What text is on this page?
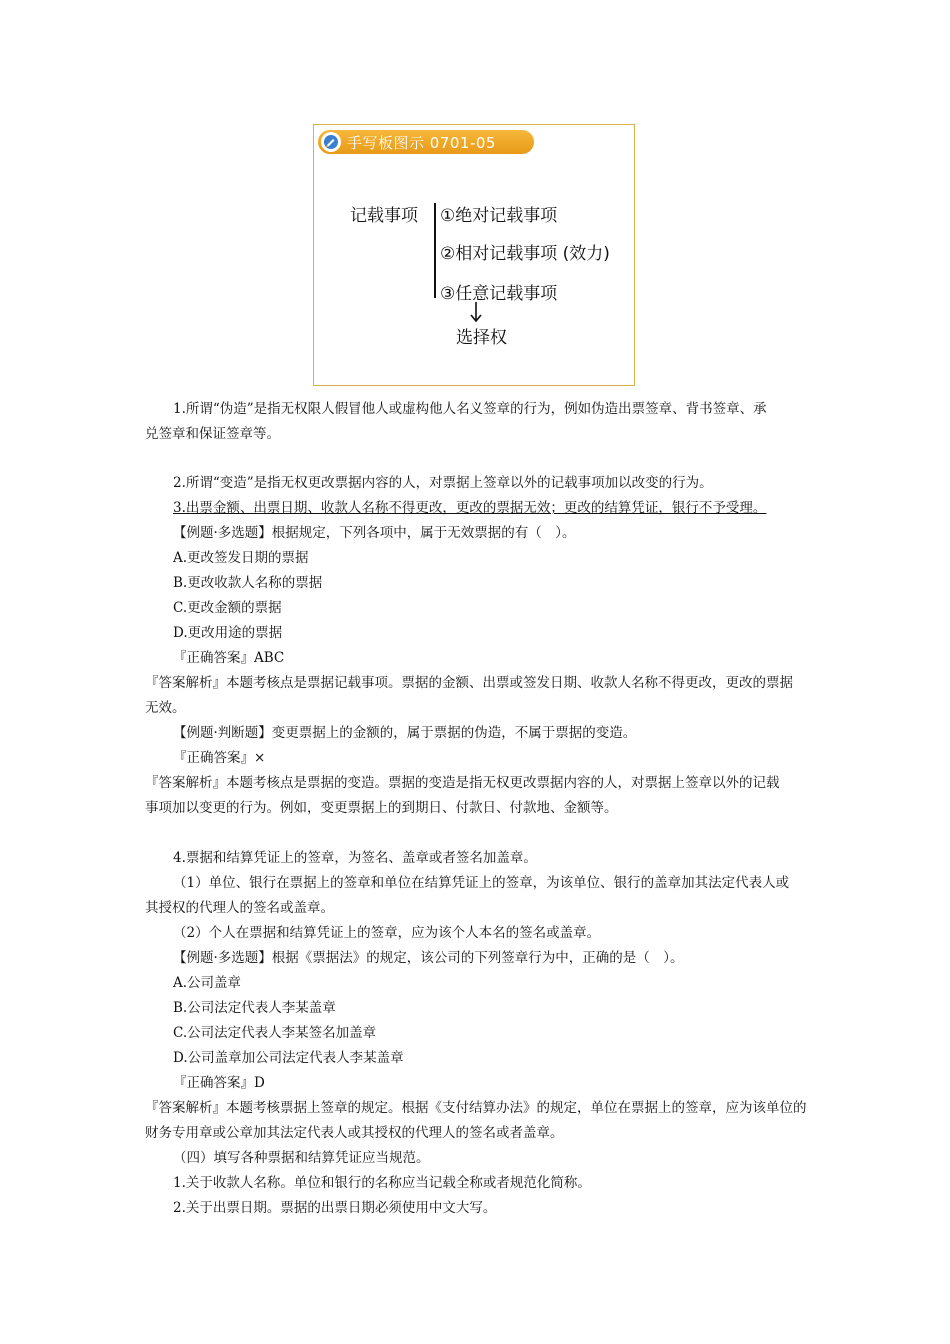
手写板图示 0701-05
记载事项 ①绝对记载事项
②相对记载事项 (效力)
③任意记载事项
选择权
1.所谓“伪造”是指无权限人假冒他人或虚构他人名义签章的行为，例如伪造出票签章、背书签章、承
兑签章和保证签章等。
2.所谓“变造”是指无权更改票据内容的人，对票据上签章以外的记载事项加以改变的行为。
3.出票金额、出票日期、收款人名称不得更改，更改的票据无效；更改的结算凭证，银行不予受理。
【例题·多选题】根据规定，下列各项中，属于无效票据的有（　）。
A.更改签发日期的票据
B.更改收款人名称的票据
C.更改金额的票据
D.更改用途的票据
『正确答案』ABC
『答案解析』本题考核点是票据记载事项。票据的金额、出票或签发日期、收款人名称不得更改，更改的票据
无效。
【例题·判断题】变更票据上的金额的，属于票据的伪造，不属于票据的变造。
『正确答案』×
『答案解析』本题考核点是票据的变造。票据的变造是指无权更改票据内容的人，对票据上签章以外的记载
事项加以变更的行为。例如，变更票据上的到期日、付款日、付款地、金额等。
4.票据和结算凭证上的签章，为签名、盖章或者签名加盖章。
（1）单位、银行在票据上的签章和单位在结算凭证上的签章，为该单位、银行的盖章加其法定代表人或
其授权的代理人的签名或盖章。
（2）个人在票据和结算凭证上的签章，应为该个人本名的签名或盖章。
【例题·多选题】根据《票据法》的规定，该公司的下列签章行为中，正确的是（　）。
A.公司盖章
B.公司法定代表人李某盖章
C.公司法定代表人李某签名加盖章
D.公司盖章加公司法定代表人李某盖章
『正确答案』D
『答案解析』本题考核票据上签章的规定。根据《支付结算办法》的规定，单位在票据上的签章，应为该单位的
财务专用章或公章加其法定代表人或其授权的代理人的签名或者盖章。
（四）填写各种票据和结算凭证应当规范。
1.关于收款人名称。单位和银行的名称应当记载全称或者规范化简称。
2.关于出票日期。票据的出票日期必须使用中文大写。
